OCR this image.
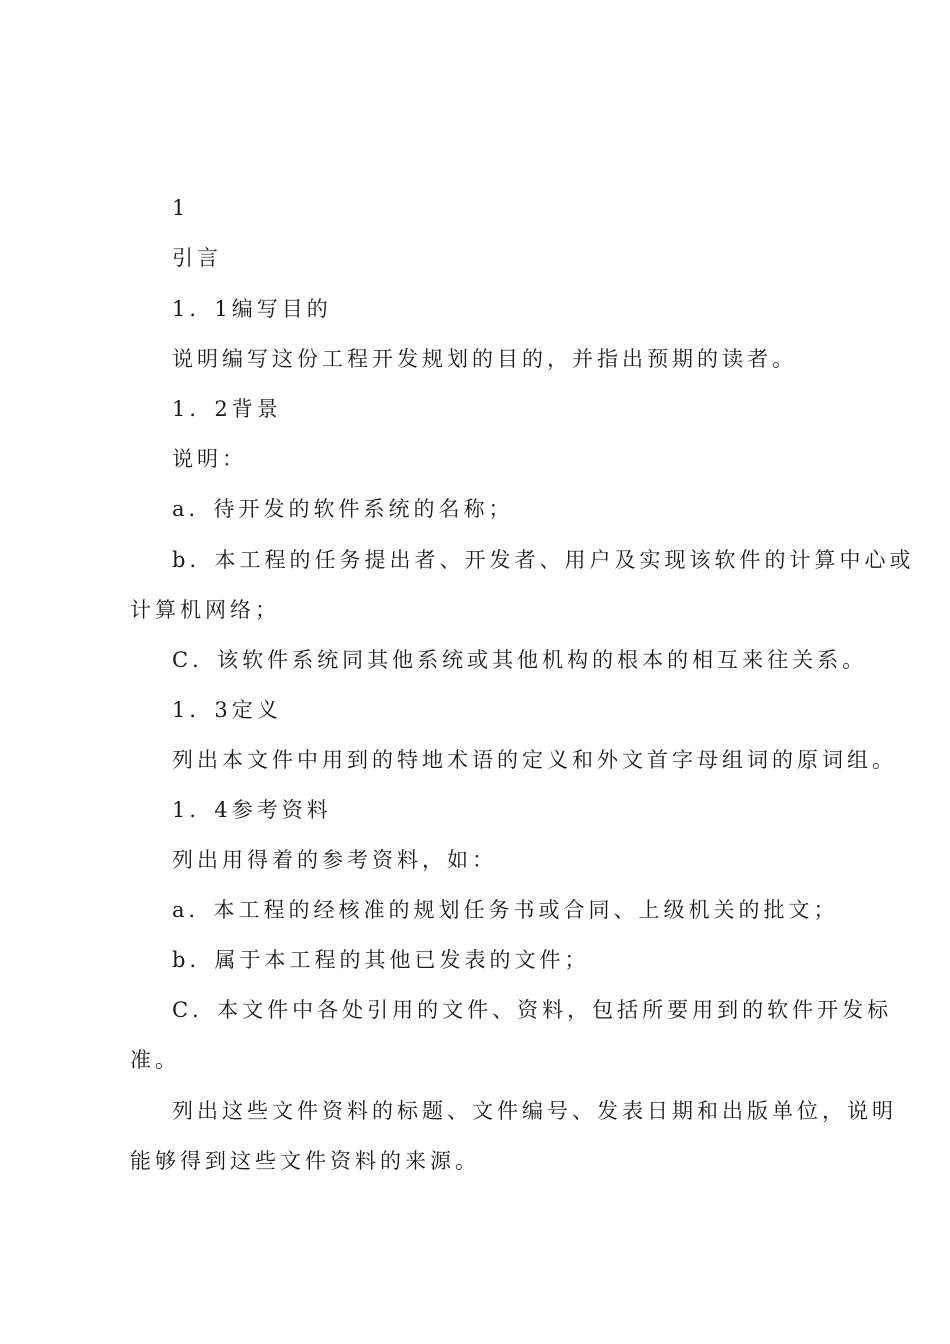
1
引言
1．1编写目的
说明编写这份工程开发规划的目的，并指出预期的读者。
1．2背景
说明：
a．待开发的软件系统的名称；
b．本工程的任务提出者、开发者、用户及实现该软件的计算中心或
计算机网络；
C．该软件系统同其他系统或其他机构的根本的相互来往关系。
1．3定义
列出本文件中用到的特地术语的定义和外文首字母组词的原词组。
1．4参考资料
列出用得着的参考资料，如：
a．本工程的经核准的规划任务书或合同、上级机关的批文；
b．属于本工程的其他已发表的文件；
C．本文件中各处引用的文件、资料，包括所要用到的软件开发标
准。
列出这些文件资料的标题、文件编号、发表日期和出版单位，说明
能够得到这些文件资料的来源。
